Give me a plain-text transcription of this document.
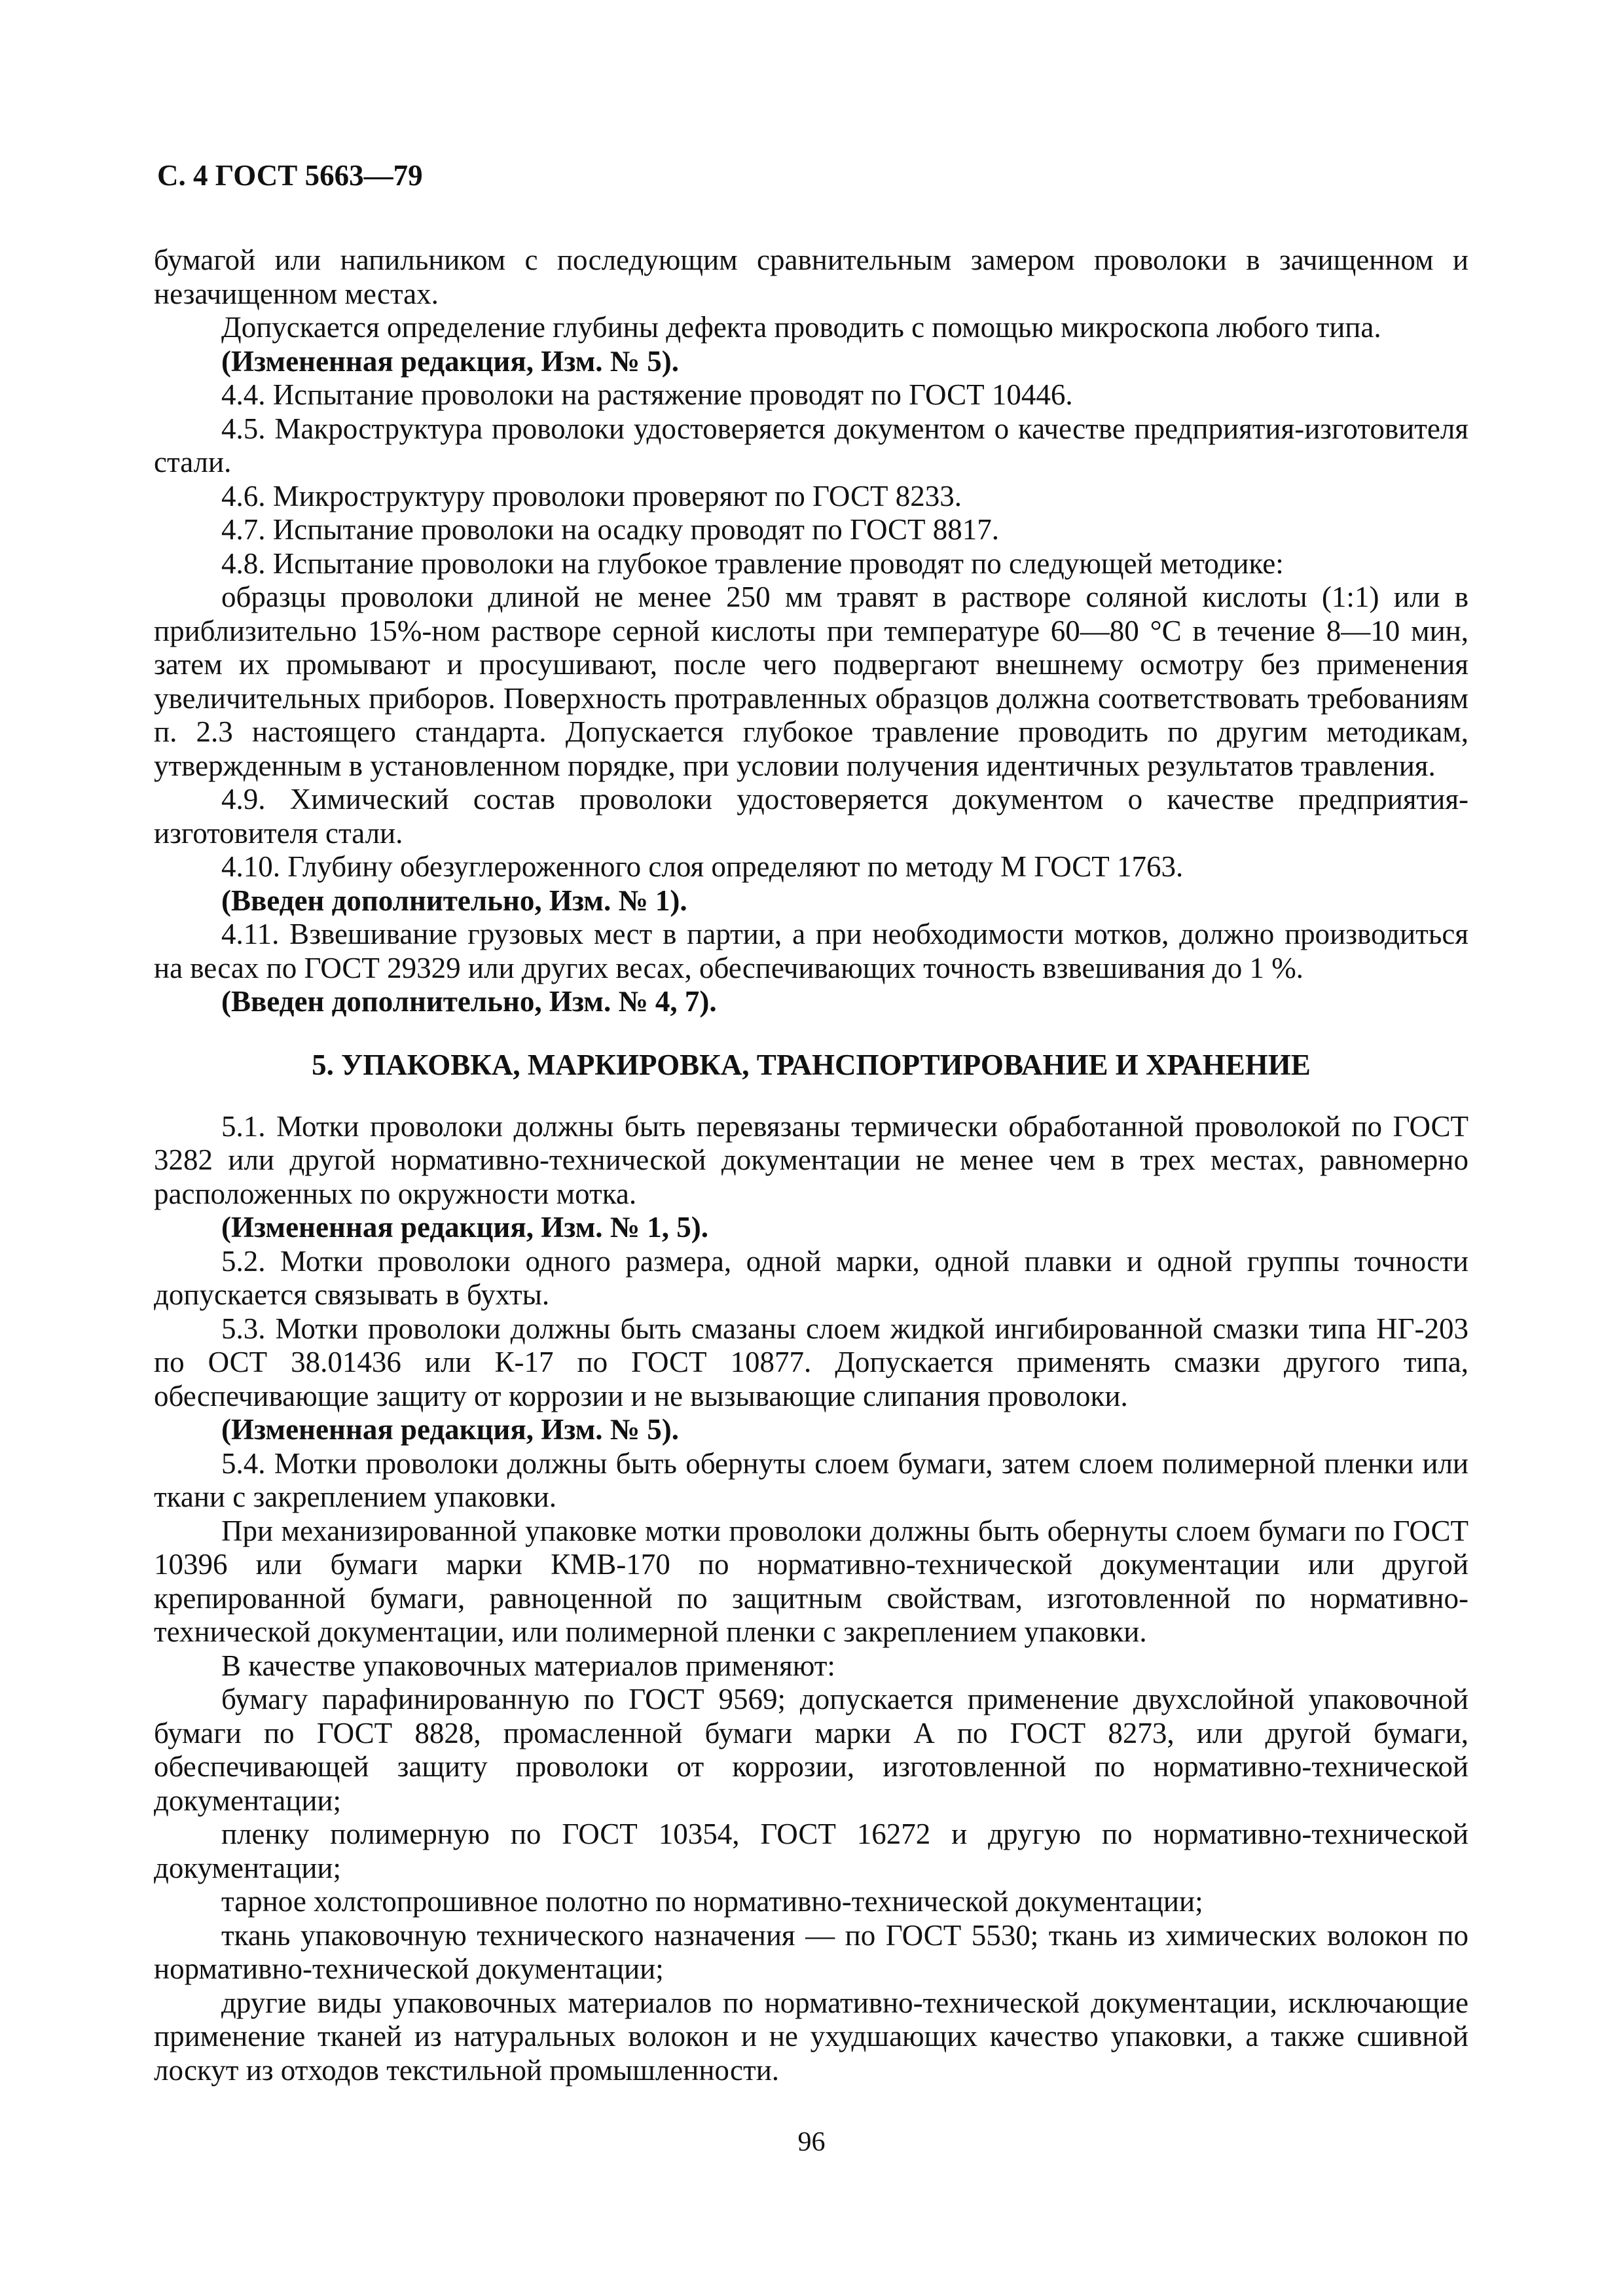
С. 4 ГОСТ 5663—79

бумагой или напильником с последующим сравнительным замером проволоки в зачищенном и незачищенном местах.

Допускается определение глубины дефекта проводить с помощью микроскопа любого типа.

(Измененная редакция, Изм. № 5).

4.4. Испытание проволоки на растяжение проводят по ГОСТ 10446.

4.5. Макроструктура проволоки удостоверяется документом о качестве предприятия-изготовителя стали.

4.6. Микроструктуру проволоки проверяют по ГОСТ 8233.

4.7. Испытание проволоки на осадку проводят по ГОСТ 8817.

4.8. Испытание проволоки на глубокое травление проводят по следующей методике:

образцы проволоки длиной не менее 250 мм травят в растворе соляной кислоты (1:1) или в приблизительно 15%-ном растворе серной кислоты при температуре 60—80 °С в течение 8—10 мин, затем их промывают и просушивают, после чего подвергают внешнему осмотру без применения увеличительных приборов. Поверхность протравленных образцов должна соответствовать требованиям п. 2.3 настоящего стандарта. Допускается глубокое травление проводить по другим методикам, утвержденным в установленном порядке, при условии получения идентичных результатов травления.

4.9. Химический состав проволоки удостоверяется документом о качестве предприятия-изготовителя стали.

4.10. Глубину обезуглероженного слоя определяют по методу М ГОСТ 1763.

(Введен дополнительно, Изм. № 1).

4.11. Взвешивание грузовых мест в партии, а при необходимости мотков, должно производиться на весах по ГОСТ 29329 или других весах, обеспечивающих точность взвешивания до 1 %.

(Введен дополнительно, Изм. № 4, 7).

5. УПАКОВКА, МАРКИРОВКА, ТРАНСПОРТИРОВАНИЕ И ХРАНЕНИЕ

5.1. Мотки проволоки должны быть перевязаны термически обработанной проволокой по ГОСТ 3282 или другой нормативно-технической документации не менее чем в трех местах, равномерно расположенных по окружности мотка.

(Измененная редакция, Изм. № 1, 5).

5.2. Мотки проволоки одного размера, одной марки, одной плавки и одной группы точности допускается связывать в бухты.

5.3. Мотки проволоки должны быть смазаны слоем жидкой ингибированной смазки типа НГ-203 по ОСТ 38.01436 или К-17 по ГОСТ 10877. Допускается применять смазки другого типа, обеспечивающие защиту от коррозии и не вызывающие слипания проволоки.

(Измененная редакция, Изм. № 5).

5.4. Мотки проволоки должны быть обернуты слоем бумаги, затем слоем полимерной пленки или ткани с закреплением упаковки.

При механизированной упаковке мотки проволоки должны быть обернуты слоем бумаги по ГОСТ 10396 или бумаги марки КМВ-170 по нормативно-технической документации или другой крепированной бумаги, равноценной по защитным свойствам, изготовленной по нормативно-технической документации, или полимерной пленки с закреплением упаковки.

В качестве упаковочных материалов применяют:

бумагу парафинированную по ГОСТ 9569; допускается применение двухслойной упаковочной бумаги по ГОСТ 8828, промасленной бумаги марки А по ГОСТ 8273, или другой бумаги, обеспечивающей защиту проволоки от коррозии, изготовленной по нормативно-технической документации;

пленку полимерную по ГОСТ 10354, ГОСТ 16272 и другую по нормативно-технической документации;

тарное холстопрошивное полотно по нормативно-технической документации;

ткань упаковочную технического назначения — по ГОСТ 5530; ткань из химических волокон по нормативно-технической документации;

другие виды упаковочных материалов по нормативно-технической документации, исключающие применение тканей из натуральных волокон и не ухудшающих качество упаковки, а также сшивной лоскут из отходов текстильной промышленности.

96
